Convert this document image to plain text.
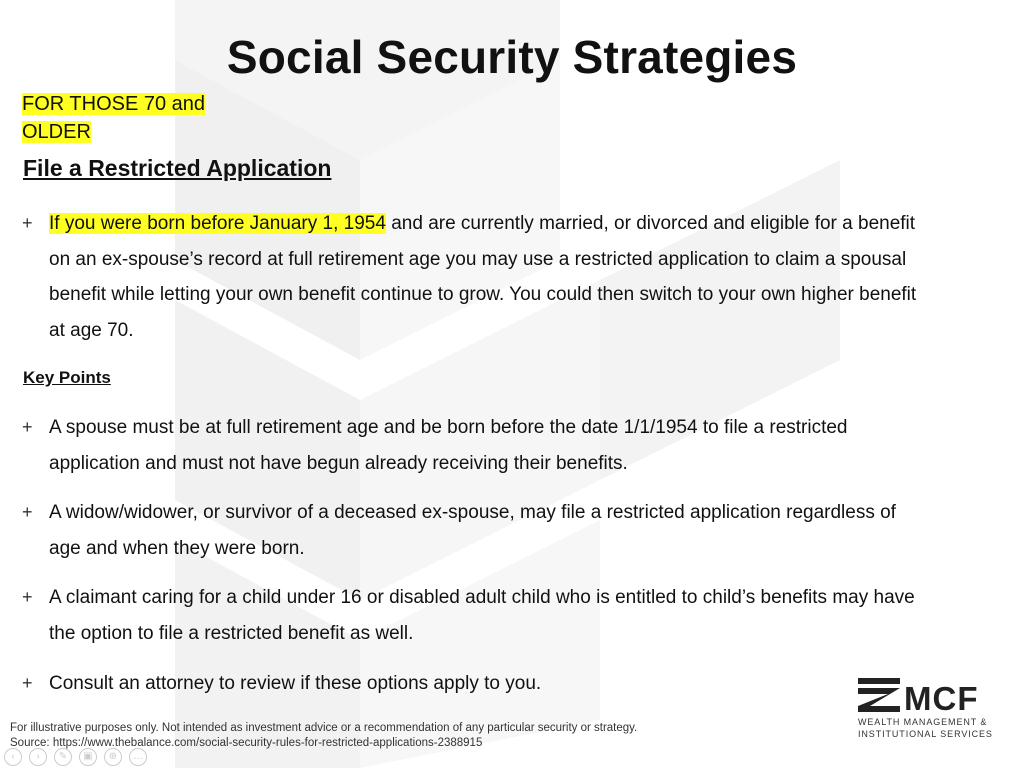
Social Security Strategies
FOR THOSE 70 and
OLDER
File a Restricted Application
+ If you were born before January 1, 1954 and are currently married, or divorced and eligible for a benefit on an ex-spouse’s record at full retirement age you may use a restricted application to claim a spousal benefit while letting your own benefit continue to grow. You could then switch to your own higher benefit at age 70.
Key Points
+ A spouse must be at full retirement age and be born before the date 1/1/1954 to file a restricted application and must not have begun already receiving their benefits.
+ A widow/widower, or survivor of a deceased ex-spouse, may file a restricted application regardless of age and when they were born.
+ A claimant caring for a child under 16 or disabled adult child who is entitled to child’s benefits may have the option to file a restricted benefit as well.
+ Consult an attorney to review if these options apply to you.
For illustrative purposes only. Not intended as investment advice or a recommendation of any particular security or strategy.
Source: https://www.thebalance.com/social-security-rules-for-restricted-applications-2388915
MCF
WEALTH MANAGEMENT &
INSTITUTIONAL SERVICES
‹ › ✎ ▣ ⊕ …
